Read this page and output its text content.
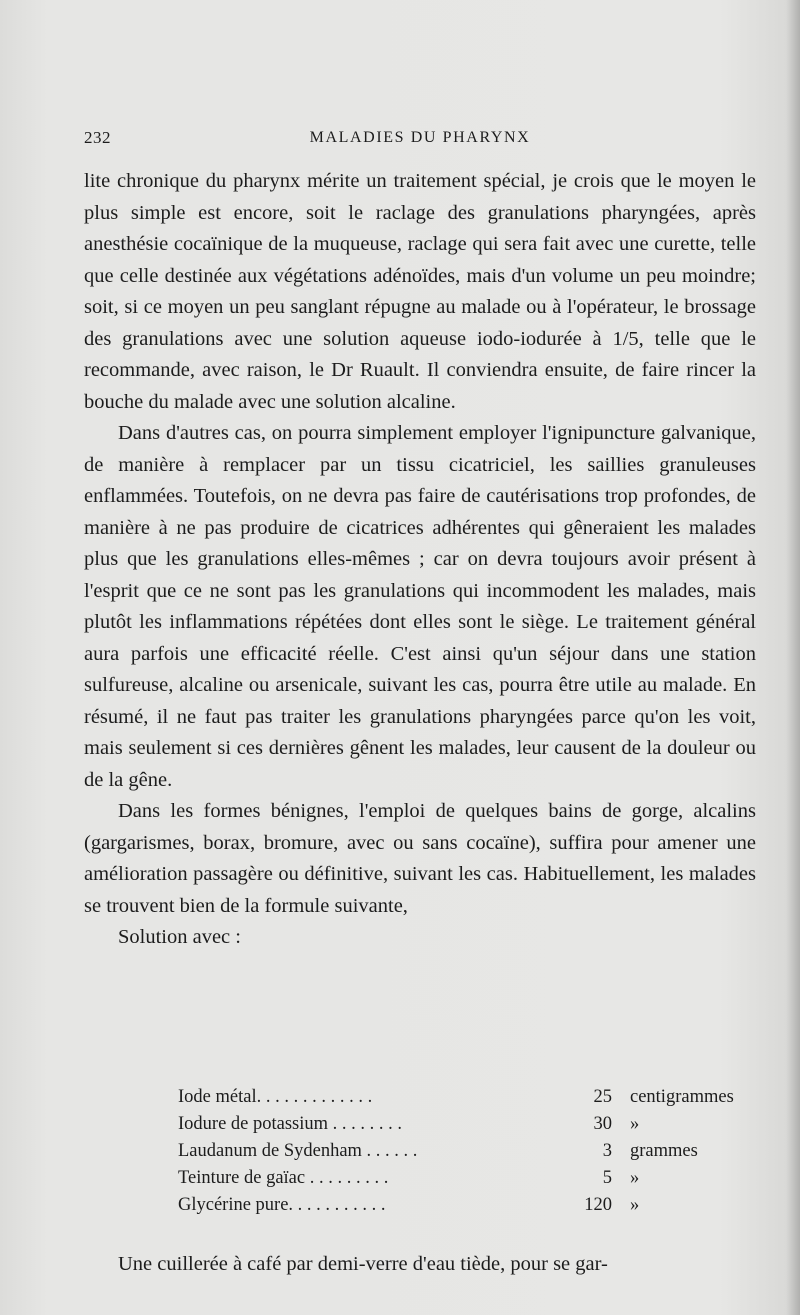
232	MALADIES DU PHARYNX

lite chronique du pharynx mérite un traitement spécial, je crois que le moyen le plus simple est encore, soit le raclage des granulations pharyngées, après anesthésie cocaïnique de la muqueuse, raclage qui sera fait avec une curette, telle que celle destinée aux végétations adénoïdes, mais d'un volume un peu moindre; soit, si ce moyen un peu sanglant répugne au malade ou à l'opérateur, le brossage des granulations avec une solution aqueuse iodo-iodurée à 1/5, telle que le recommande, avec raison, le Dr Ruault. Il conviendra ensuite, de faire rincer la bouche du malade avec une solution alcaline.

Dans d'autres cas, on pourra simplement employer l'ignipuncture galvanique, de manière à remplacer par un tissu cicatriciel, les saillies granuleuses enflammées. Toutefois, on ne devra pas faire de cautérisations trop profondes, de manière à ne pas produire de cicatrices adhérentes qui gêneraient les malades plus que les granulations elles-mêmes ; car on devra toujours avoir présent à l'esprit que ce ne sont pas les granulations qui incommodent les malades, mais plutôt les inflammations répétées dont elles sont le siège. Le traitement général aura parfois une efficacité réelle. C'est ainsi qu'un séjour dans une station sulfureuse, alcaline ou arsenicale, suivant les cas, pourra être utile au malade. En résumé, il ne faut pas traiter les granulations pharyngées parce qu'on les voit, mais seulement si ces dernières gênent les malades, leur causent de la douleur ou de la gêne.

Dans les formes bénignes, l'emploi de quelques bains de gorge, alcalins (gargarismes, borax, bromure, avec ou sans cocaïne), suffira pour amener une amélioration passagère ou définitive, suivant les cas. Habituellement, les malades se trouvent bien de la formule suivante,

Solution avec :

Iode métal. . . . . . . . . . . . .	25 centigrammes
Iodure de potassium . . . . . . . .	30 »
Laudanum de Sydenham . . . . . .	3 grammes
Teinture de gaïac . . . . . . . . .	5 »
Glycérine pure. . . . . . . . . . .	120 »

Une cuillerée à café par demi-verre d'eau tiède, pour se gar-
